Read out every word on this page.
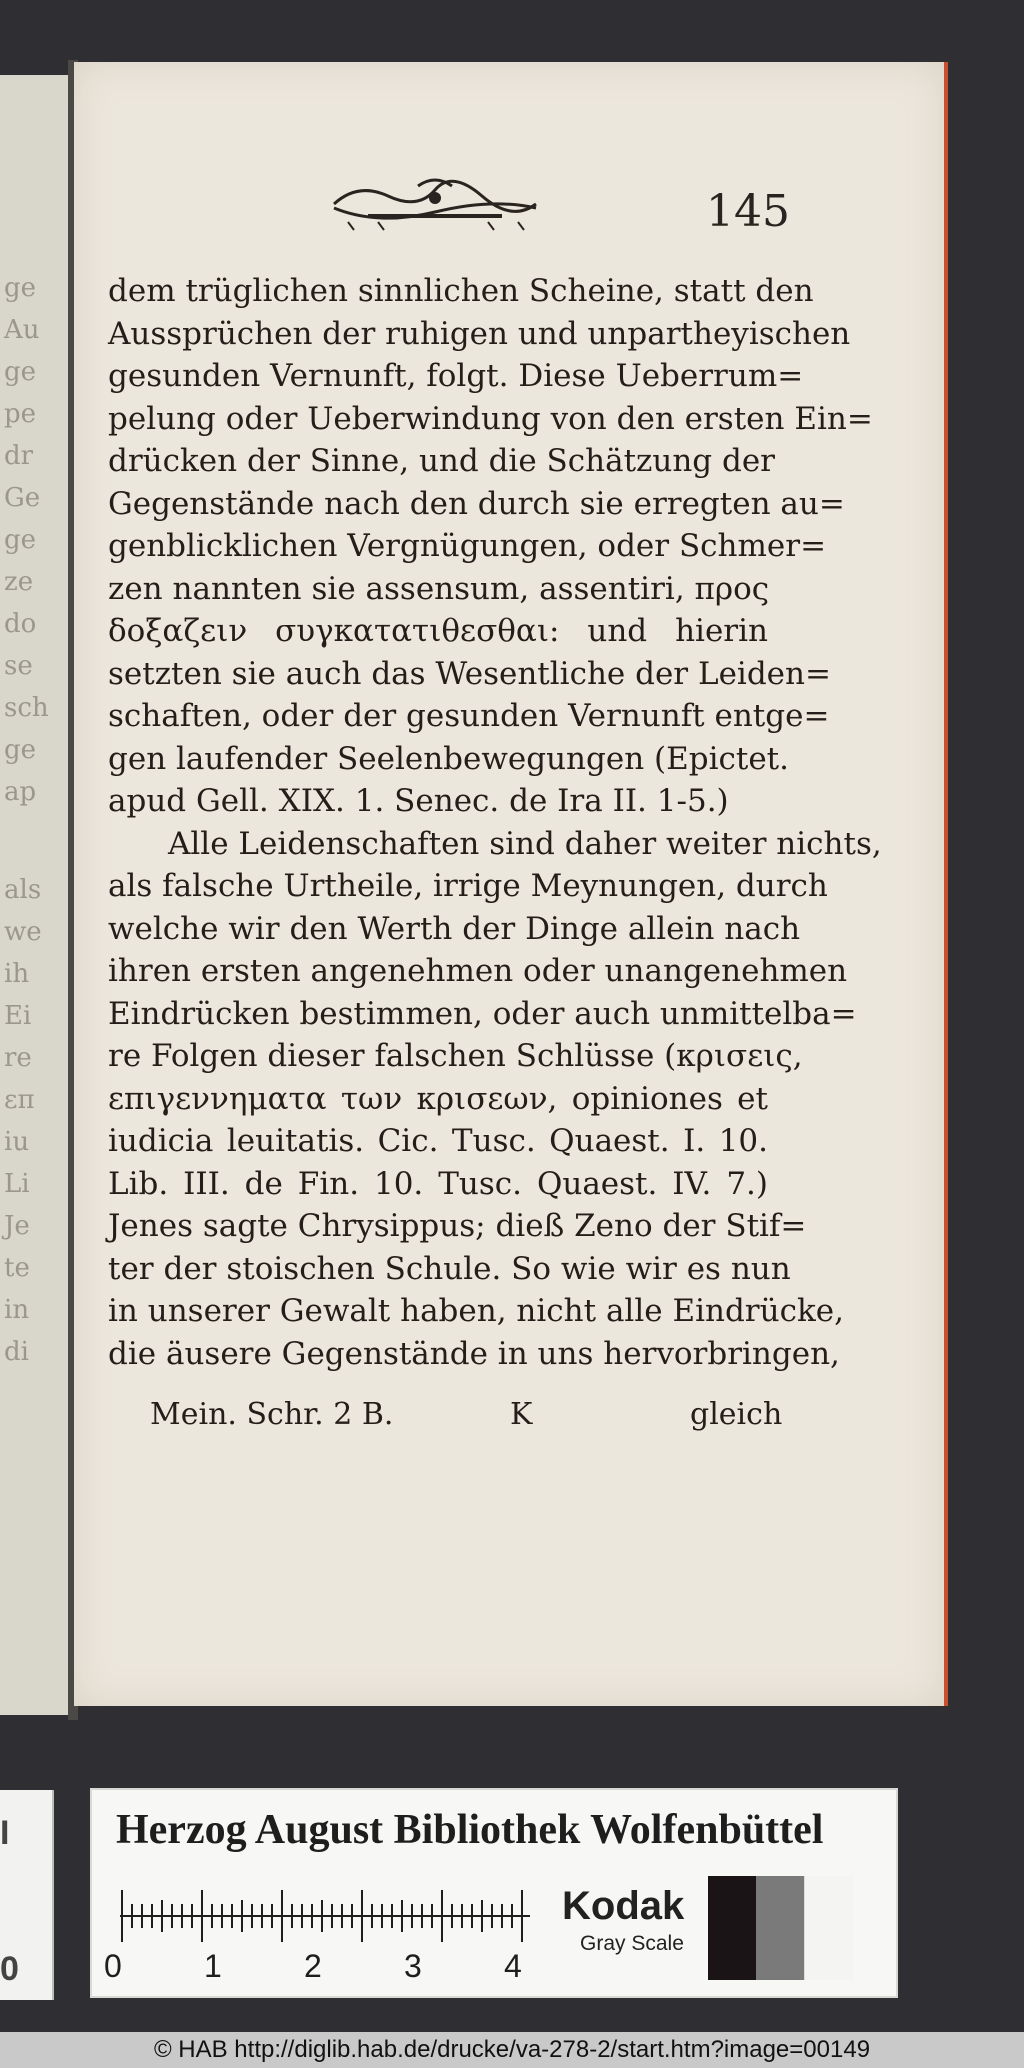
ge
Au
ge
pe
dr
Ge
ge
ze
do
se
sch
ge
ap
als
we
ih
Ei
re
επ
iu
Li
Je
te
in
di
145
dem trüglichen sinnlichen Scheine, statt den
Aussprüchen der ruhigen und unpartheyischen
gesunden Vernunft, folgt. Diese Ueberrum=
pelung oder Ueberwindung von den ersten Ein=
drücken der Sinne, und die Schätzung der
Gegenstände nach den durch sie erregten au=
genblicklichen Vergnügungen, oder Schmer=
zen nannten sie assensum, assentiri, προς
δοξαζειν συγκατατιθεσθαι: und hierin
setzten sie auch das Wesentliche der Leiden=
schaften, oder der gesunden Vernunft entge=
gen laufender Seelenbewegungen (Epictet.
apud Gell. XIX. 1. Senec. de Ira II. 1-5.)
Alle Leidenschaften sind daher weiter nichts,
als falsche Urtheile, irrige Meynungen, durch
welche wir den Werth der Dinge allein nach
ihren ersten angenehmen oder unangenehmen
Eindrücken bestimmen, oder auch unmittelba=
re Folgen dieser falschen Schlüsse (κρισεις,
επιγεννηματα των κρισεων, opiniones et
iudicia leuitatis. Cic. Tusc. Quaest. I. 10.
Lib. III. de Fin. 10. Tusc. Quaest. IV. 7.)
Jenes sagte Chrysippus; dieß Zeno der Stif=
ter der stoischen Schule. So wie wir es nun
in unserer Gewalt haben, nicht alle Eindrücke,
die äusere Gegenstände in uns hervorbringen,
Mein. Schr. 2 B.	K	gleich
I
0
Herzog August Bibliothek Wolfenbüttel
0	1	2	3	4
Kodak
Gray Scale
© HAB http://diglib.hab.de/drucke/va-278-2/start.htm?image=00149
